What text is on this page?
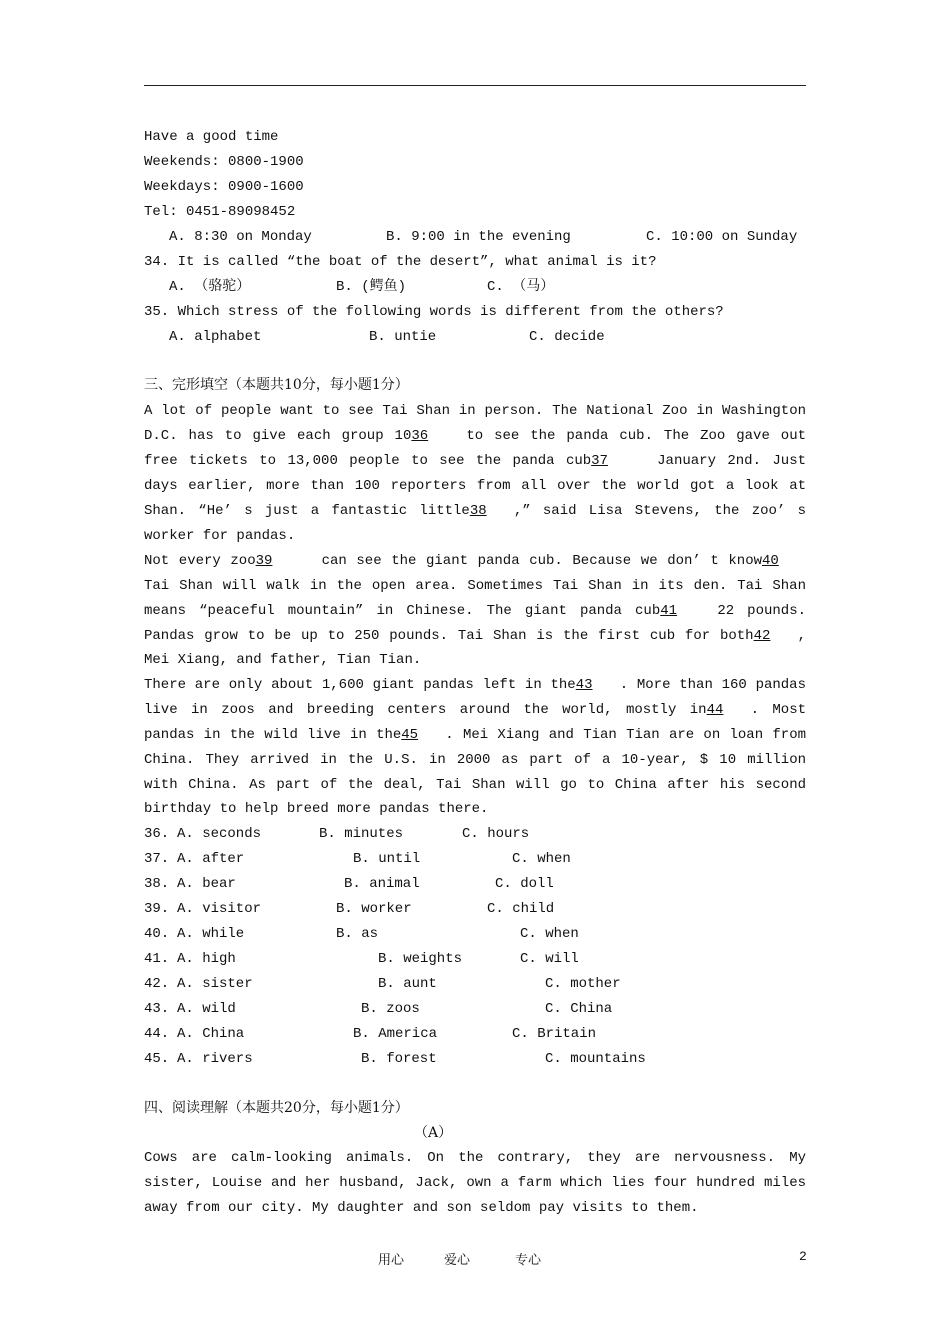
Have a good time
Weekends: 0800-1900
Weekdays: 0900-1600
Tel: 0451-89098452
A. 8:30 on Monday	B. 9:00 in the evening	C. 10:00 on Sunday
34. It is called “the boat of the desert”, what animal is it?
A. （骆驼）	B. (鳄鱼)	C. （马）
35. Which stress of the following words is different from the others?
A. alphabet	B. untie	C. decide
三、完形填空（本题共10分，每小题1分）
A lot of people want to see Tai Shan in person. The National Zoo in Washington
D.C. has to give each group 1036	to see the panda cub. The Zoo gave out
free tickets to 13,000 people to see the panda cub37	January 2nd. Just
days earlier, more than 100 reporters from all over the world got a look at
Shan. “He’ s just a fantastic little38 ,” said Lisa Stevens, the zoo’ s
worker for pandas.
Not every zoo39	can see the giant panda cub. Because we don’ t know40
Tai Shan will walk in the open area. Sometimes Tai Shan in its den. Tai Shan
means “peaceful mountain” in Chinese. The giant panda cub41	22 pounds.
Pandas grow to be up to 250 pounds. Tai Shan is the first cub for both42 ,
Mei Xiang, and father, Tian Tian.
There are only about 1,600 giant pandas left in the43 . More than 160 pandas
live in zoos and breeding centers around the world, mostly in44 . Most
pandas in the wild live in the45 . Mei Xiang and Tian Tian are on loan from
China. They arrived in the U.S. in 2000 as part of a 10-year, $ 10 million
with China. As part of the deal, Tai Shan will go to China after his second
birthday to help breed more pandas there.
36. A. seconds	B. minutes	C. hours
37. A. after	B. until	C. when
38. A. bear	B. animal	C. doll
39. A. visitor	B. worker	C. child
40. A. while	B. as	C. when
41. A. high	B. weights	C. will
42. A. sister	B. aunt	C. mother
43. A. wild	B. zoos	C. China
44. A. China	B. America	C. Britain
45. A. rivers	B. forest	C. mountains
四、阅读理解（本题共20分，每小题1分）
（A）
Cows are calm-looking animals. On the contrary, they are nervousness. My
sister, Louise and her husband, Jack, own a farm which lies four hundred miles
away from our city. My daughter and son seldom pay visits to them.
用心	爱心	专心	2
